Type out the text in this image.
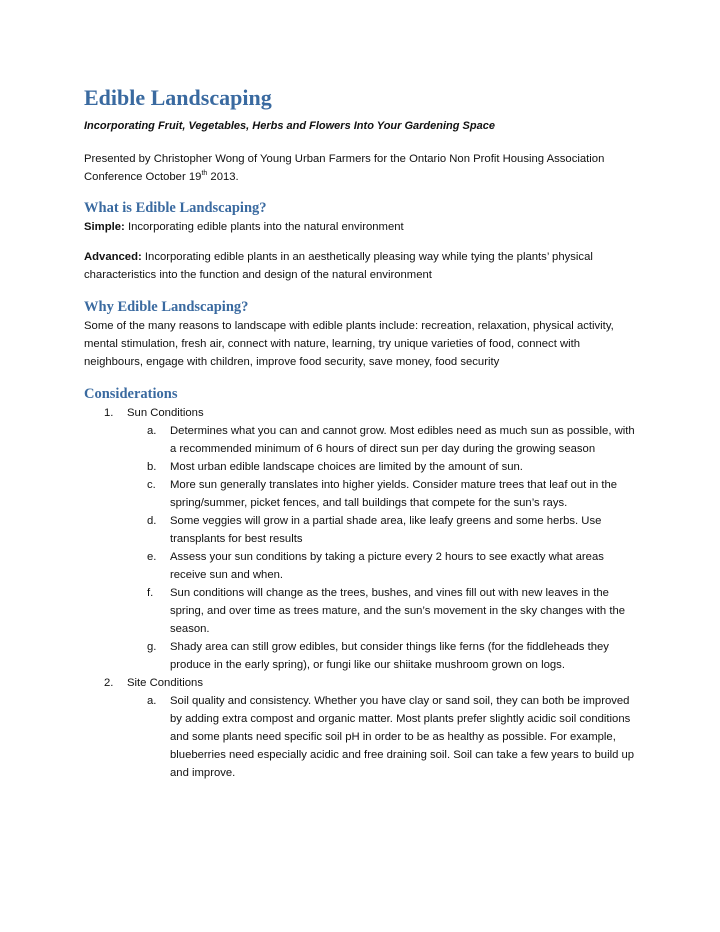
Edible Landscaping
Incorporating Fruit, Vegetables, Herbs and Flowers Into Your Gardening Space

Presented by Christopher Wong of Young Urban Farmers for the Ontario Non Profit Housing Association Conference October 19th 2013.

What is Edible Landscaping?

Simple: Incorporating edible plants into the natural environment

Advanced: Incorporating edible plants in an aesthetically pleasing way while tying the plants’ physical characteristics into the function and design of the natural environment

Why Edible Landscaping?

Some of the many reasons to landscape with edible plants include: recreation, relaxation, physical activity, mental stimulation, fresh air, connect with nature, learning, try unique varieties of food, connect with neighbours, engage with children, improve food security, save money, food security

Considerations
1. Sun Conditions
a. Determines what you can and cannot grow. Most edibles need as much sun as possible, with a recommended minimum of 6 hours of direct sun per day during the growing season
b. Most urban edible landscape choices are limited by the amount of sun.
c. More sun generally translates into higher yields. Consider mature trees that leaf out in the spring/summer, picket fences, and tall buildings that compete for the sun’s rays.
d. Some veggies will grow in a partial shade area, like leafy greens and some herbs. Use transplants for best results
e. Assess your sun conditions by taking a picture every 2 hours to see exactly what areas receive sun and when.
f. Sun conditions will change as the trees, bushes, and vines fill out with new leaves in the spring, and over time as trees mature, and the sun’s movement in the sky changes with the season.
g. Shady area can still grow edibles, but consider things like ferns (for the fiddleheads they produce in the early spring), or fungi like our shiitake mushroom grown on logs.
2. Site Conditions
a. Soil quality and consistency. Whether you have clay or sand soil, they can both be improved by adding extra compost and organic matter. Most plants prefer slightly acidic soil conditions and some plants need specific soil pH in order to be as healthy as possible. For example, blueberries need especially acidic and free draining soil. Soil can take a few years to build up and improve.
